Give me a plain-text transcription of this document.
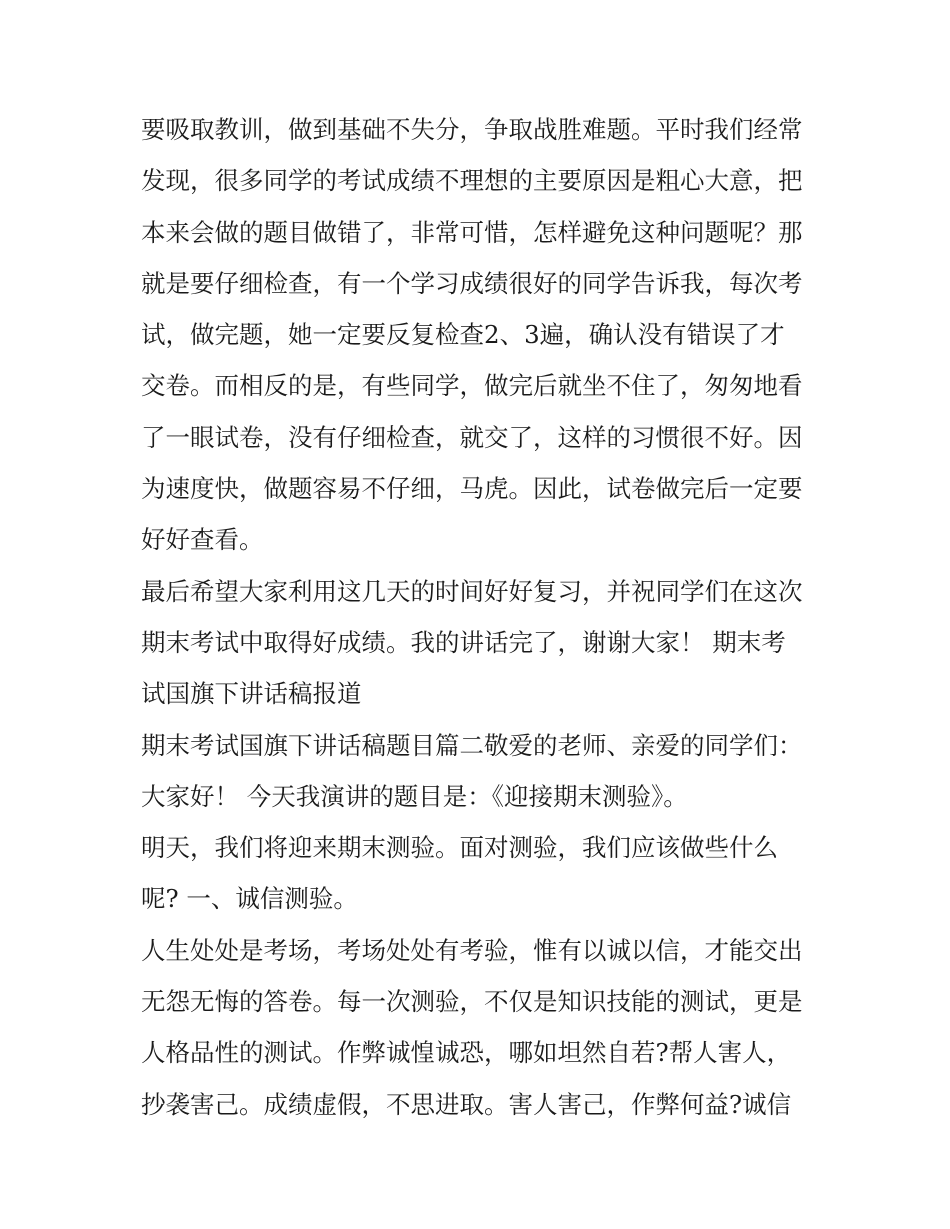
要吸取教训，做到基础不失分，争取战胜难题。平时我们经常
发现，很多同学的考试成绩不理想的主要原因是粗心大意，把
本来会做的题目做错了，非常可惜，怎样避免这种问题呢？那
就是要仔细检查，有一个学习成绩很好的同学告诉我，每次考
试，做完题，她一定要反复检查2、3遍，确认没有错误了才
交卷。而相反的是，有些同学，做完后就坐不住了，匆匆地看
了一眼试卷，没有仔细检查，就交了，这样的习惯很不好。因
为速度快，做题容易不仔细，马虎。因此，试卷做完后一定要
好好查看。
最后希望大家利用这几天的时间好好复习，并祝同学们在这次
期末考试中取得好成绩。我的讲话完了，谢谢大家！ 期末考
试国旗下讲话稿报道
期末考试国旗下讲话稿题目篇二敬爱的老师、亲爱的同学们：
大家好！ 今天我演讲的题目是：《迎接期末测验》。
明天，我们将迎来期末测验。面对测验，我们应该做些什么
呢? 一、诚信测验。
人生处处是考场，考场处处有考验，惟有以诚以信，才能交出
无怨无悔的答卷。每一次测验，不仅是知识技能的测试，更是
人格品性的测试。作弊诚惶诚恐，哪如坦然自若?帮人害人，
抄袭害己。成绩虚假，不思进取。害人害己，作弊何益?诚信
